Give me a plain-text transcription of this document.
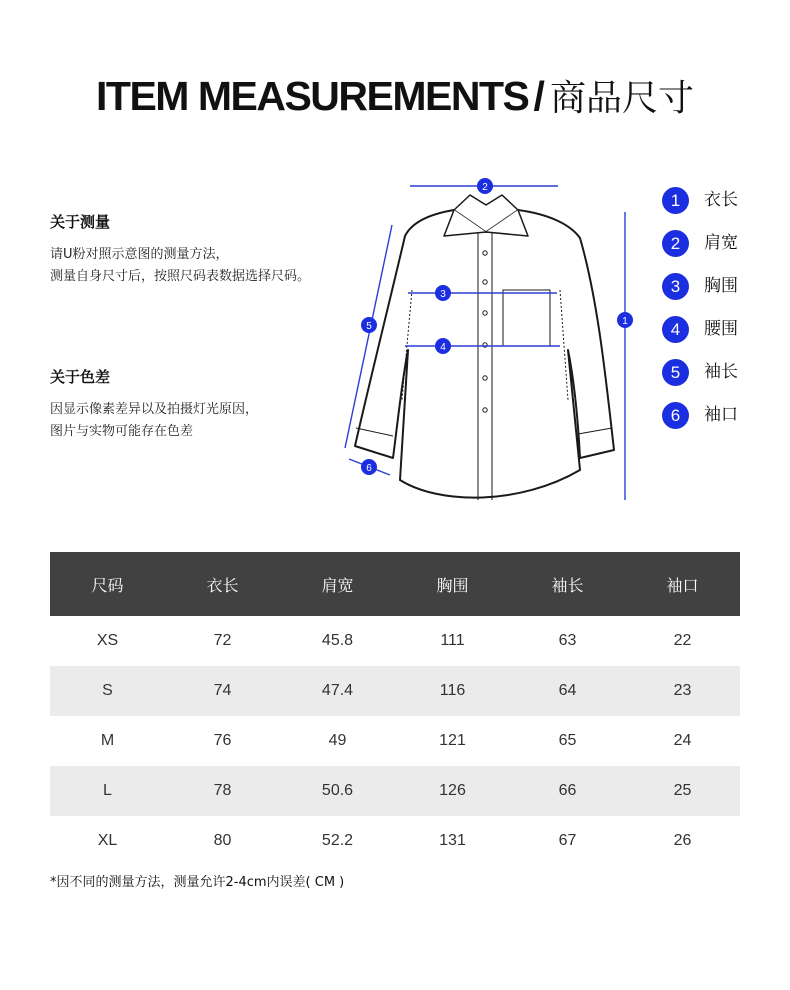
ITEM MEASUREMENTS / 商品尺寸
关于测量

请U粉对照示意图的测量方法，

测量自身尺寸后，按照尺码表数据选择尺码。

关于色差

因显示像素差异以及拍摄灯光原因，

图片与实物可能存在色差

1
2
3
4
5
6
1	衣长
2	肩宽
3	胸围
4	腰围
5	袖长
6	袖口
尺码	衣长	肩宽	胸围	袖长	袖口
XS	72	45.8	111	63	22
S	74	47.4	116	64	23
M	76	49	121	65	24
L	78	50.6	126	66	25
XL	80	52.2	131	67	26
*因不同的测量方法，测量允许2-4cm内误差( CM )
